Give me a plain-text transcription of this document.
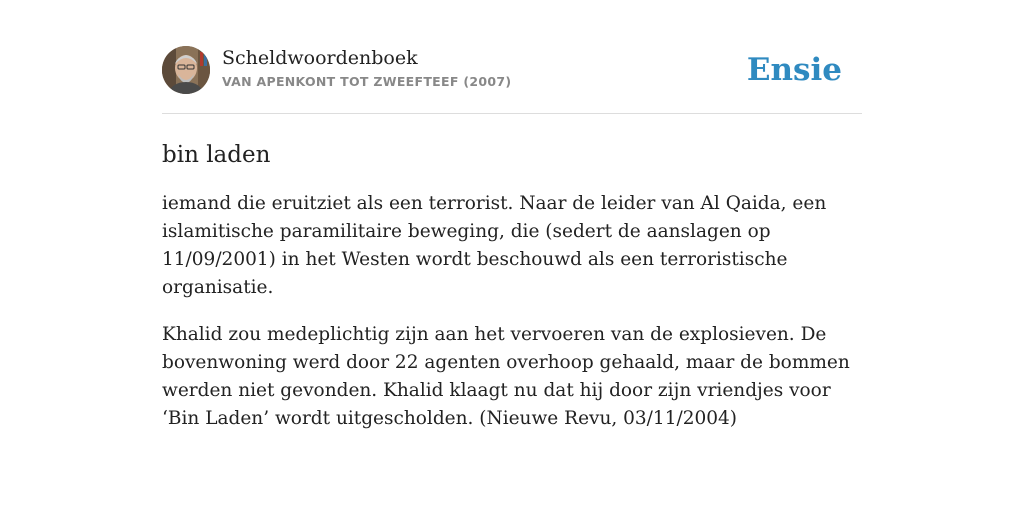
Scheldwoordenboek
VAN APENKONT TOT ZWEEFTEEF (2007)	Ensie
bin laden

iemand die eruitziet als een terrorist. Naar de leider van Al Qaida, een islamitische paramilitaire beweging, die (sedert de aanslagen op 11/09/2001) in het Westen wordt beschouwd als een terroristische organisatie.

Khalid zou medeplichtig zijn aan het vervoeren van de explosieven. De bovenwoning werd door 22 agenten overhoop gehaald, maar de bommen werden niet gevonden. Khalid klaagt nu dat hij door zijn vriendjes voor ‘Bin Laden’ wordt uitgescholden. (Nieuwe Revu, 03/11/2004)
